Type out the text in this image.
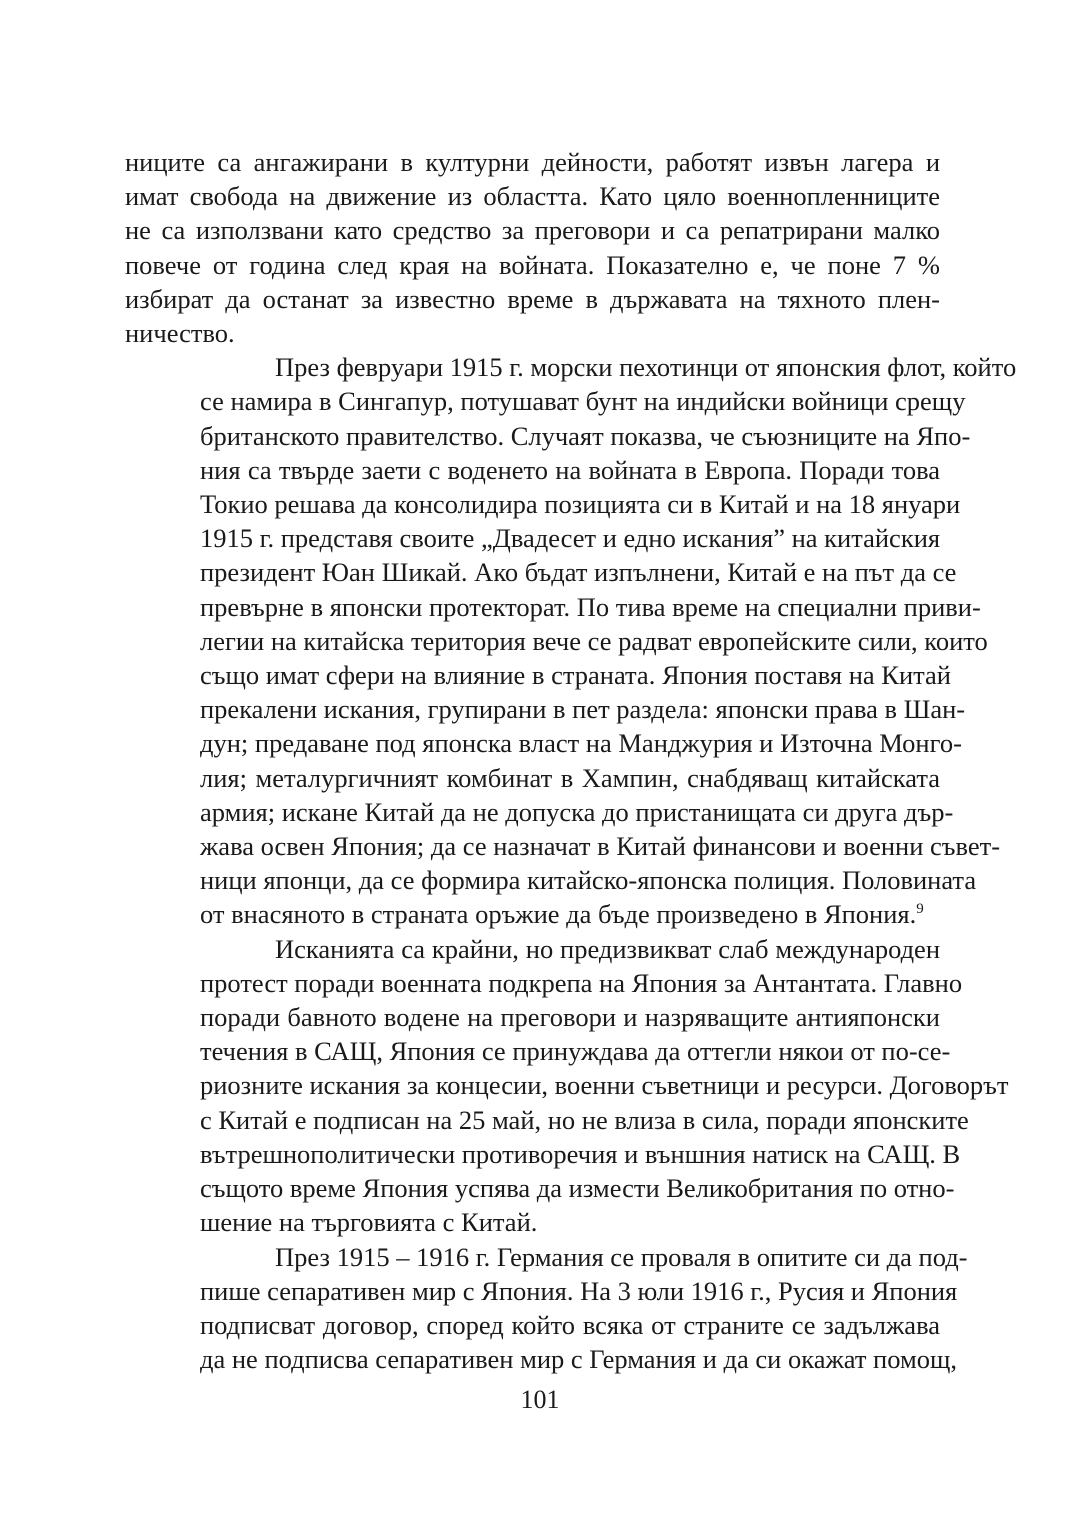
ниците са ангажирани в културни дейности, работят извън лагера и
имат свобода на движение из областта. Като цяло военнопленниците
не са използвани като средство за преговори и са репатрирани малко
повече от година след края на войната. Показателно е, че поне 7 %
избират да останат за известно време в държавата на тяхното плен-
ничество.

През февруари 1915 г. морски пехотинци от японския флот, който
се намира в Сингапур, потушават бунт на индийски войници срещу
британското правителство. Случаят показва, че съюзниците на Япо-
ния са твърде заети с воденето на войната в Европа. Поради това
Токио решава да консолидира позицията си в Китай и на 18 януари
1915 г. представя своите „Двадесет и едно искания” на китайския
президент Юан Шикай. Ако бъдат изпълнени, Китай е на път да се
превърне в японски протекторат. По тива време на специални приви-
легии на китайска територия вече се радват европейските сили, които
също имат сфери на влияние в страната. Япония поставя на Китай
прекалени искания, групирани в пет раздела: японски права в Шан-
дун; предаване под японска власт на Манджурия и Източна Монго-
лия; металургичният комбинат в Хампин, снабдяващ китайската
армия; искане Китай да не допуска до пристанищата си друга дър-
жава освен Япония; да се назначат в Китай финансови и военни съвет-
ници японци, да се формира китайско-японска полиция. Половината
от внасяното в страната оръжие да бъде произведено в Япония.$^9$

Исканията са крайни, но предизвикват слаб международен
протест поради военната подкрепа на Япония за Антантата. Главно
поради бавното водене на преговори и назряващите антияпонски
течения в САЩ, Япония се принуждава да оттегли някои от по-се-
риозните искания за концесии, военни съветници и ресурси. Договорът
с Китай е подписан на 25 май, но не влиза в сила, поради японските
вътрешнополитически противоречия и външния натиск на САЩ. В
същото време Япония успява да измести Великобритания по отно-
шение на търговията с Китай.

През 1915 – 1916 г. Германия се проваля в опитите си да под-
пише сепаративен мир с Япония. На 3 юли 1916 г., Русия и Япония
подписват договор, според който всяка от страните се задължава
да не подписва сепаративен мир с Германия и да си окажат помощ,

101
